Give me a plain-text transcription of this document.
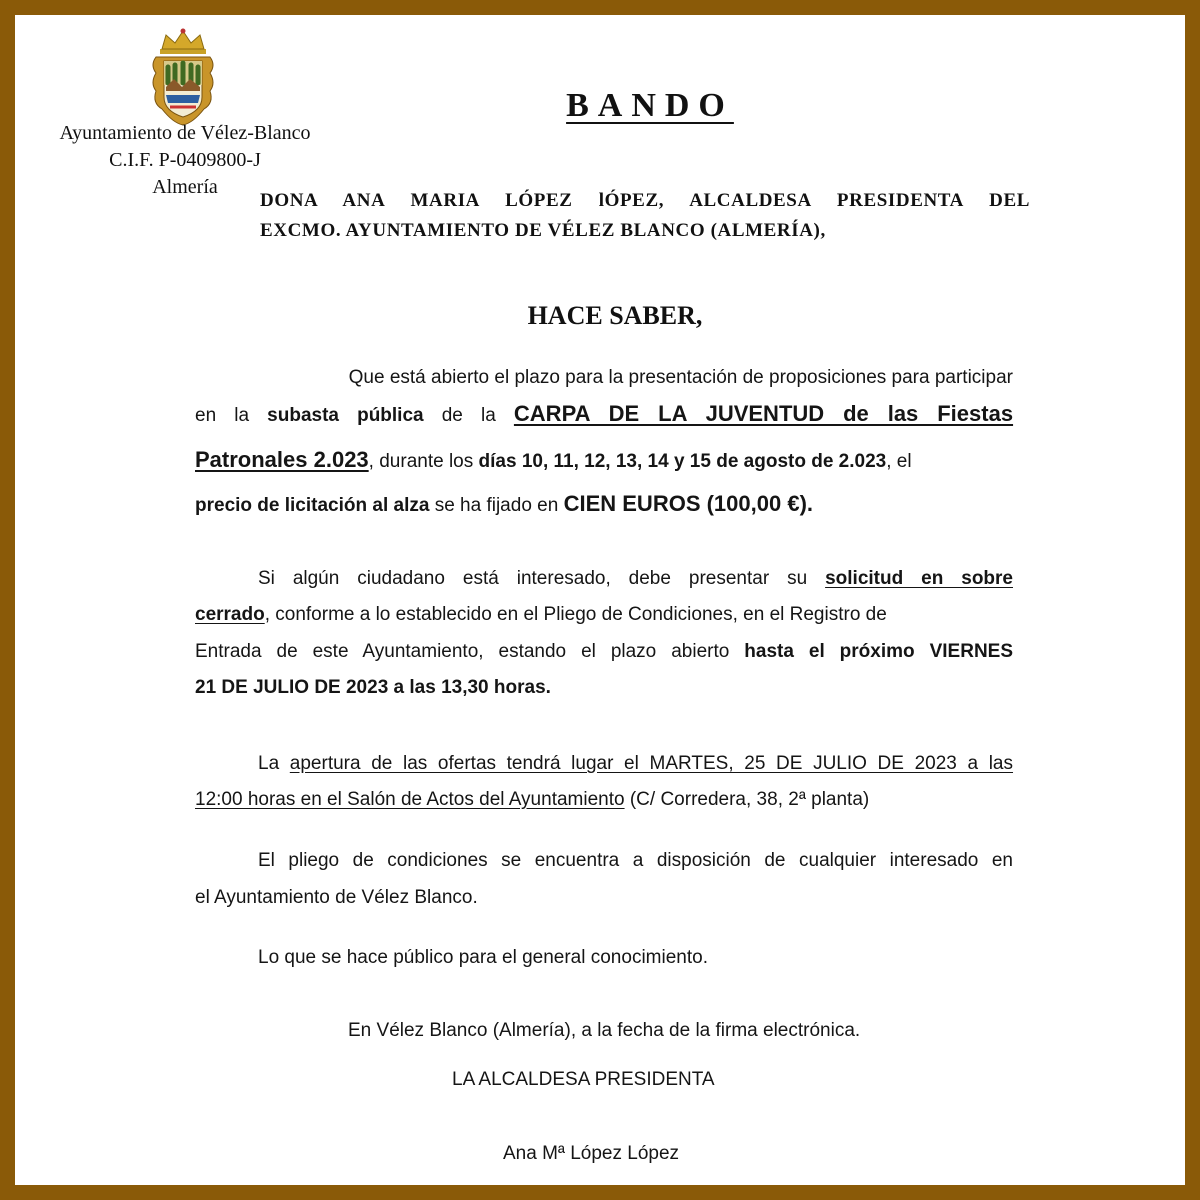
Ayuntamiento de Vélez-Blanco
C.I.F. P-0409800-J
Almería
BANDO
DONA ANA MARIA LÓPEZ lÓPEZ, ALCALDESA PRESIDENTA DEL
EXCMO. AYUNTAMIENTO DE VÉLEZ BLANCO (ALMERÍA),
HACE SABER,
Que está abierto el plazo para la presentación de proposiciones para participar
en la subasta pública de la CARPA DE LA JUVENTUD de las Fiestas
Patronales 2.023, durante los días 10, 11, 12, 13, 14 y 15 de agosto de 2.023, el
precio de licitación al alza se ha fijado en CIEN EUROS (100,00 €).
Si algún ciudadano está interesado, debe presentar su solicitud en sobre
cerrado, conforme a lo establecido en el Pliego de Condiciones, en el Registro de
Entrada de este Ayuntamiento, estando el plazo abierto hasta el próximo VIERNES
21 DE JULIO DE 2023 a las 13,30 horas.
La apertura de las ofertas tendrá lugar el MARTES, 25 DE JULIO DE 2023 a las
12:00 horas en el Salón de Actos del Ayuntamiento (C/ Corredera, 38, 2ª planta)
El pliego de condiciones se encuentra a disposición de cualquier interesado en
el Ayuntamiento de Vélez Blanco.
Lo que se hace público para el general conocimiento.
En Vélez Blanco (Almería), a la fecha de la firma electrónica.
LA ALCALDESA PRESIDENTA
Ana Mª López López
